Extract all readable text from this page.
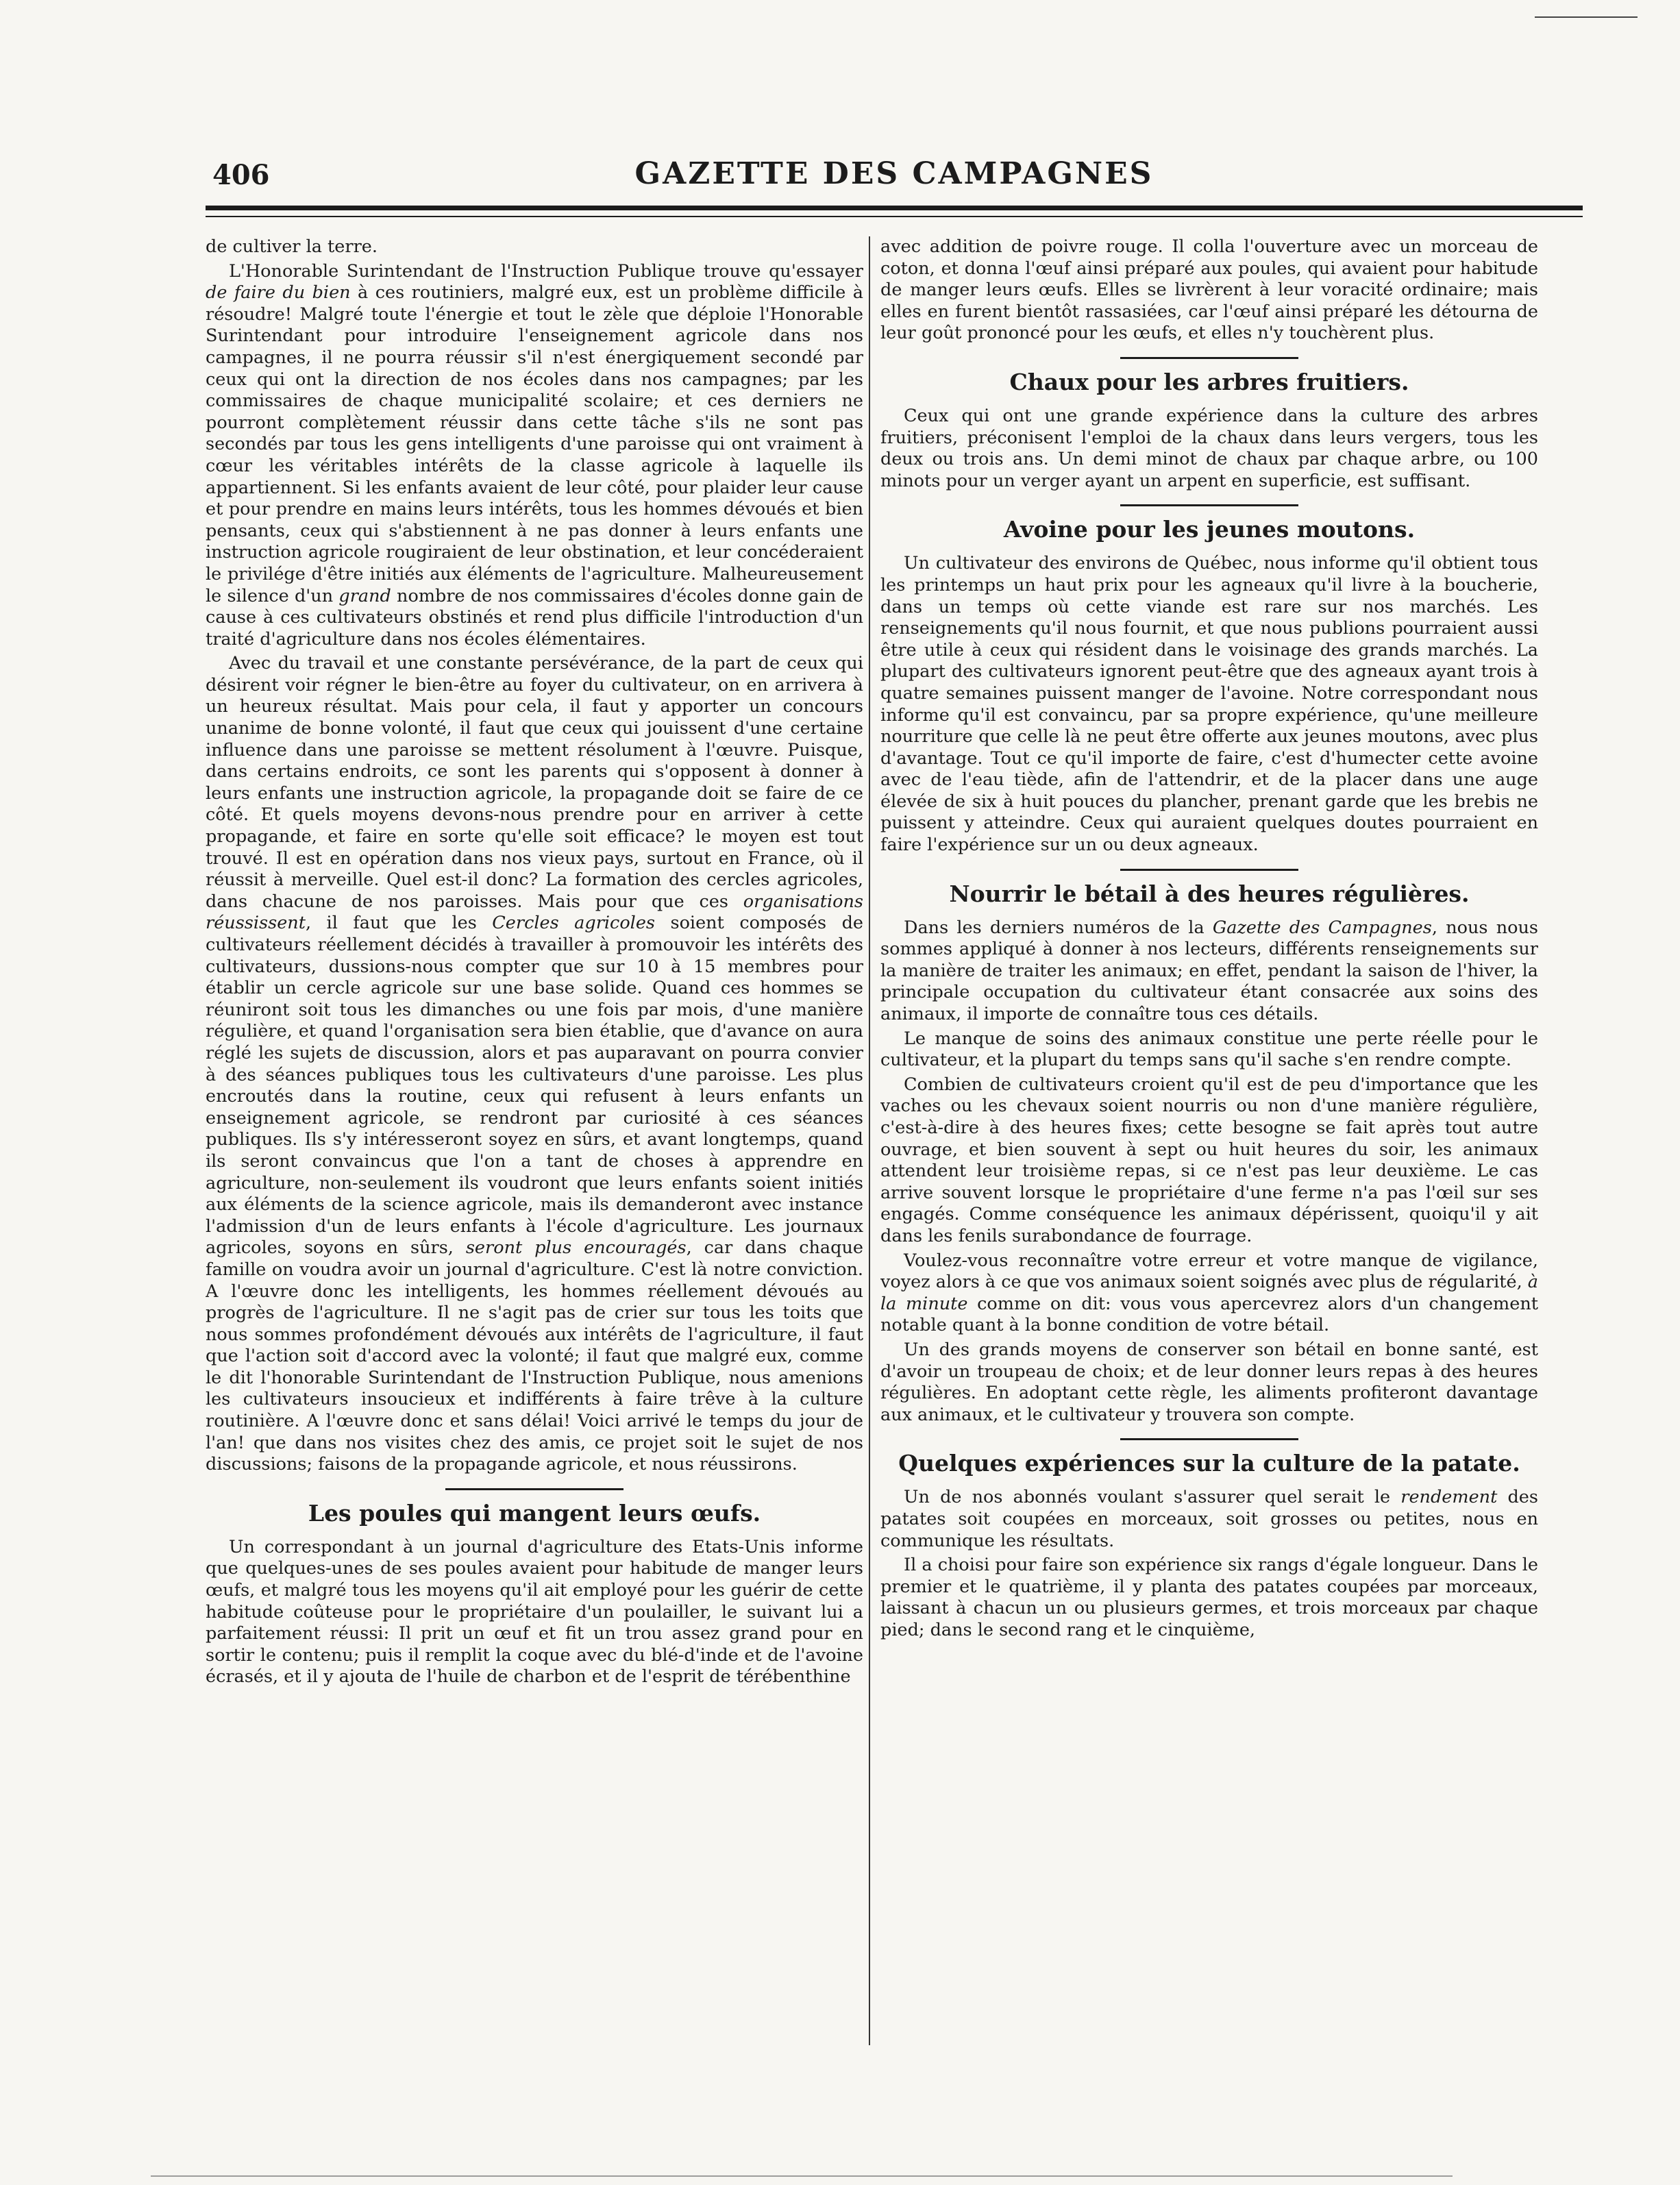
406	GAZETTE DES CAMPAGNES

de cultiver la terre.

L'Honorable Surintendant de l'Instruction Publique trouve qu'essayer de faire du bien à ces routiniers, malgré eux, est un problème difficile à résoudre! Malgré toute l'énergie et tout le zèle que déploie l'Honorable Surintendant pour introduire l'enseignement agricole dans nos campagnes, il ne pourra réussir s'il n'est énergiquement secondé par ceux qui ont la direction de nos écoles dans nos campagnes; par les commissaires de chaque municipalité scolaire; et ces derniers ne pourront complètement réussir dans cette tâche s'ils ne sont pas secondés par tous les gens intelligents d'une paroisse qui ont vraiment à cœur les véritables intérêts de la classe agricole à laquelle ils appartiennent. Si les enfants avaient de leur côté, pour plaider leur cause et pour prendre en mains leurs intérêts, tous les hommes dévoués et bien pensants, ceux qui s'abstiennent à ne pas donner à leurs enfants une instruction agricole rougiraient de leur obstination, et leur concéderaient le privilége d'être initiés aux éléments de l'agriculture. Malheureusement le silence d'un grand nombre de nos commissaires d'écoles donne gain de cause à ces cultivateurs obstinés et rend plus difficile l'introduction d'un traité d'agriculture dans nos écoles élémentaires.

Avec du travail et une constante persévérance, de la part de ceux qui désirent voir régner le bien-être au foyer du cultivateur, on en arrivera à un heureux résultat. Mais pour cela, il faut y apporter un concours unanime de bonne volonté, il faut que ceux qui jouissent d'une certaine influence dans une paroisse se mettent résolument à l'œuvre. Puisque, dans certains endroits, ce sont les parents qui s'opposent à donner à leurs enfants une instruction agricole, la propagande doit se faire de ce côté. Et quels moyens devons-nous prendre pour en arriver à cette propagande, et faire en sorte qu'elle soit efficace? le moyen est tout trouvé. Il est en opération dans nos vieux pays, surtout en France, où il réussit à merveille. Quel est-il donc? La formation des cercles agricoles, dans chacune de nos paroisses. Mais pour que ces organisations réussissent, il faut que les Cercles agricoles soient composés de cultivateurs réellement décidés à travailler à promouvoir les intérêts des cultivateurs, dussions-nous compter que sur 10 à 15 membres pour établir un cercle agricole sur une base solide. Quand ces hommes se réuniront soit tous les dimanches ou une fois par mois, d'une manière régulière, et quand l'organisation sera bien établie, que d'avance on aura réglé les sujets de discussion, alors et pas auparavant on pourra convier à des séances publiques tous les cultivateurs d'une paroisse. Les plus encroutés dans la routine, ceux qui refusent à leurs enfants un enseignement agricole, se rendront par curiosité à ces séances publiques. Ils s'y intéresseront soyez en sûrs, et avant longtemps, quand ils seront convaincus que l'on a tant de choses à apprendre en agriculture, non-seulement ils voudront que leurs enfants soient initiés aux éléments de la science agricole, mais ils demanderont avec instance l'admission d'un de leurs enfants à l'école d'agriculture. Les journaux agricoles, soyons en sûrs, seront plus encouragés, car dans chaque famille on voudra avoir un journal d'agriculture. C'est là notre conviction. A l'œuvre donc les intelligents, les hommes réellement dévoués au progrès de l'agriculture. Il ne s'agit pas de crier sur tous les toits que nous sommes profondément dévoués aux intérêts de l'agriculture, il faut que l'action soit d'accord avec la volonté; il faut que malgré eux, comme le dit l'honorable Surintendant de l'Instruction Publique, nous amenions les cultivateurs insoucieux et indifférents à faire trêve à la culture routinière. A l'œuvre donc et sans délai! Voici arrivé le temps du jour de l'an! que dans nos visites chez des amis, ce projet soit le sujet de nos discussions; faisons de la propagande agricole, et nous réussirons.

Les poules qui mangent leurs œufs.

Un correspondant à un journal d'agriculture des Etats-Unis informe que quelques-unes de ses poules avaient pour habitude de manger leurs œufs, et malgré tous les moyens qu'il ait employé pour les guérir de cette habitude coûteuse pour le propriétaire d'un poulailler, le suivant lui a parfaitement réussi: Il prit un œuf et fit un trou assez grand pour en sortir le contenu; puis il remplit la coque avec du blé-d'inde et de l'avoine écrasés, et il y ajouta de l'huile de charbon et de l'esprit de térébenthine

avec addition de poivre rouge. Il colla l'ouverture avec un morceau de coton, et donna l'œuf ainsi préparé aux poules, qui avaient pour habitude de manger leurs œufs. Elles se livrèrent à leur voracité ordinaire; mais elles en furent bientôt rassasiées, car l'œuf ainsi préparé les détourna de leur goût prononcé pour les œufs, et elles n'y touchèrent plus.

Chaux pour les arbres fruitiers.

Ceux qui ont une grande expérience dans la culture des arbres fruitiers, préconisent l'emploi de la chaux dans leurs vergers, tous les deux ou trois ans. Un demi minot de chaux par chaque arbre, ou 100 minots pour un verger ayant un arpent en superficie, est suffisant.

Avoine pour les jeunes moutons.

Un cultivateur des environs de Québec, nous informe qu'il obtient tous les printemps un haut prix pour les agneaux qu'il livre à la boucherie, dans un temps où cette viande est rare sur nos marchés. Les renseignements qu'il nous fournit, et que nous publions pourraient aussi être utile à ceux qui résident dans le voisinage des grands marchés. La plupart des cultivateurs ignorent peut-être que des agneaux ayant trois à quatre semaines puissent manger de l'avoine. Notre correspondant nous informe qu'il est convaincu, par sa propre expérience, qu'une meilleure nourriture que celle là ne peut être offerte aux jeunes moutons, avec plus d'avantage. Tout ce qu'il importe de faire, c'est d'humecter cette avoine avec de l'eau tiède, afin de l'attendrir, et de la placer dans une auge élevée de six à huit pouces du plancher, prenant garde que les brebis ne puissent y atteindre. Ceux qui auraient quelques doutes pourraient en faire l'expérience sur un ou deux agneaux.

Nourrir le bétail à des heures régulières.

Dans les derniers numéros de la Gazette des Campagnes, nous nous sommes appliqué à donner à nos lecteurs, différents renseignements sur la manière de traiter les animaux; en effet, pendant la saison de l'hiver, la principale occupation du cultivateur étant consacrée aux soins des animaux, il importe de connaître tous ces détails.

Le manque de soins des animaux constitue une perte réelle pour le cultivateur, et la plupart du temps sans qu'il sache s'en rendre compte.

Combien de cultivateurs croient qu'il est de peu d'importance que les vaches ou les chevaux soient nourris ou non d'une manière régulière, c'est-à-dire à des heures fixes; cette besogne se fait après tout autre ouvrage, et bien souvent à sept ou huit heures du soir, les animaux attendent leur troisième repas, si ce n'est pas leur deuxième. Le cas arrive souvent lorsque le propriétaire d'une ferme n'a pas l'œil sur ses engagés. Comme conséquence les animaux dépérissent, quoiqu'il y ait dans les fenils surabondance de fourrage.

Voulez-vous reconnaître votre erreur et votre manque de vigilance, voyez alors à ce que vos animaux soient soignés avec plus de régularité, à la minute comme on dit: vous vous apercevrez alors d'un changement notable quant à la bonne condition de votre bétail.

Un des grands moyens de conserver son bétail en bonne santé, est d'avoir un troupeau de choix; et de leur donner leurs repas à des heures régulières. En adoptant cette règle, les aliments profiteront davantage aux animaux, et le cultivateur y trouvera son compte.

Quelques expériences sur la culture de la patate.

Un de nos abonnés voulant s'assurer quel serait le rendement des patates soit coupées en morceaux, soit grosses ou petites, nous en communique les résultats.

Il a choisi pour faire son expérience six rangs d'égale longueur. Dans le premier et le quatrième, il y planta des patates coupées par morceaux, laissant à chacun un ou plusieurs germes, et trois morceaux par chaque pied; dans le second rang et le cinquième,
